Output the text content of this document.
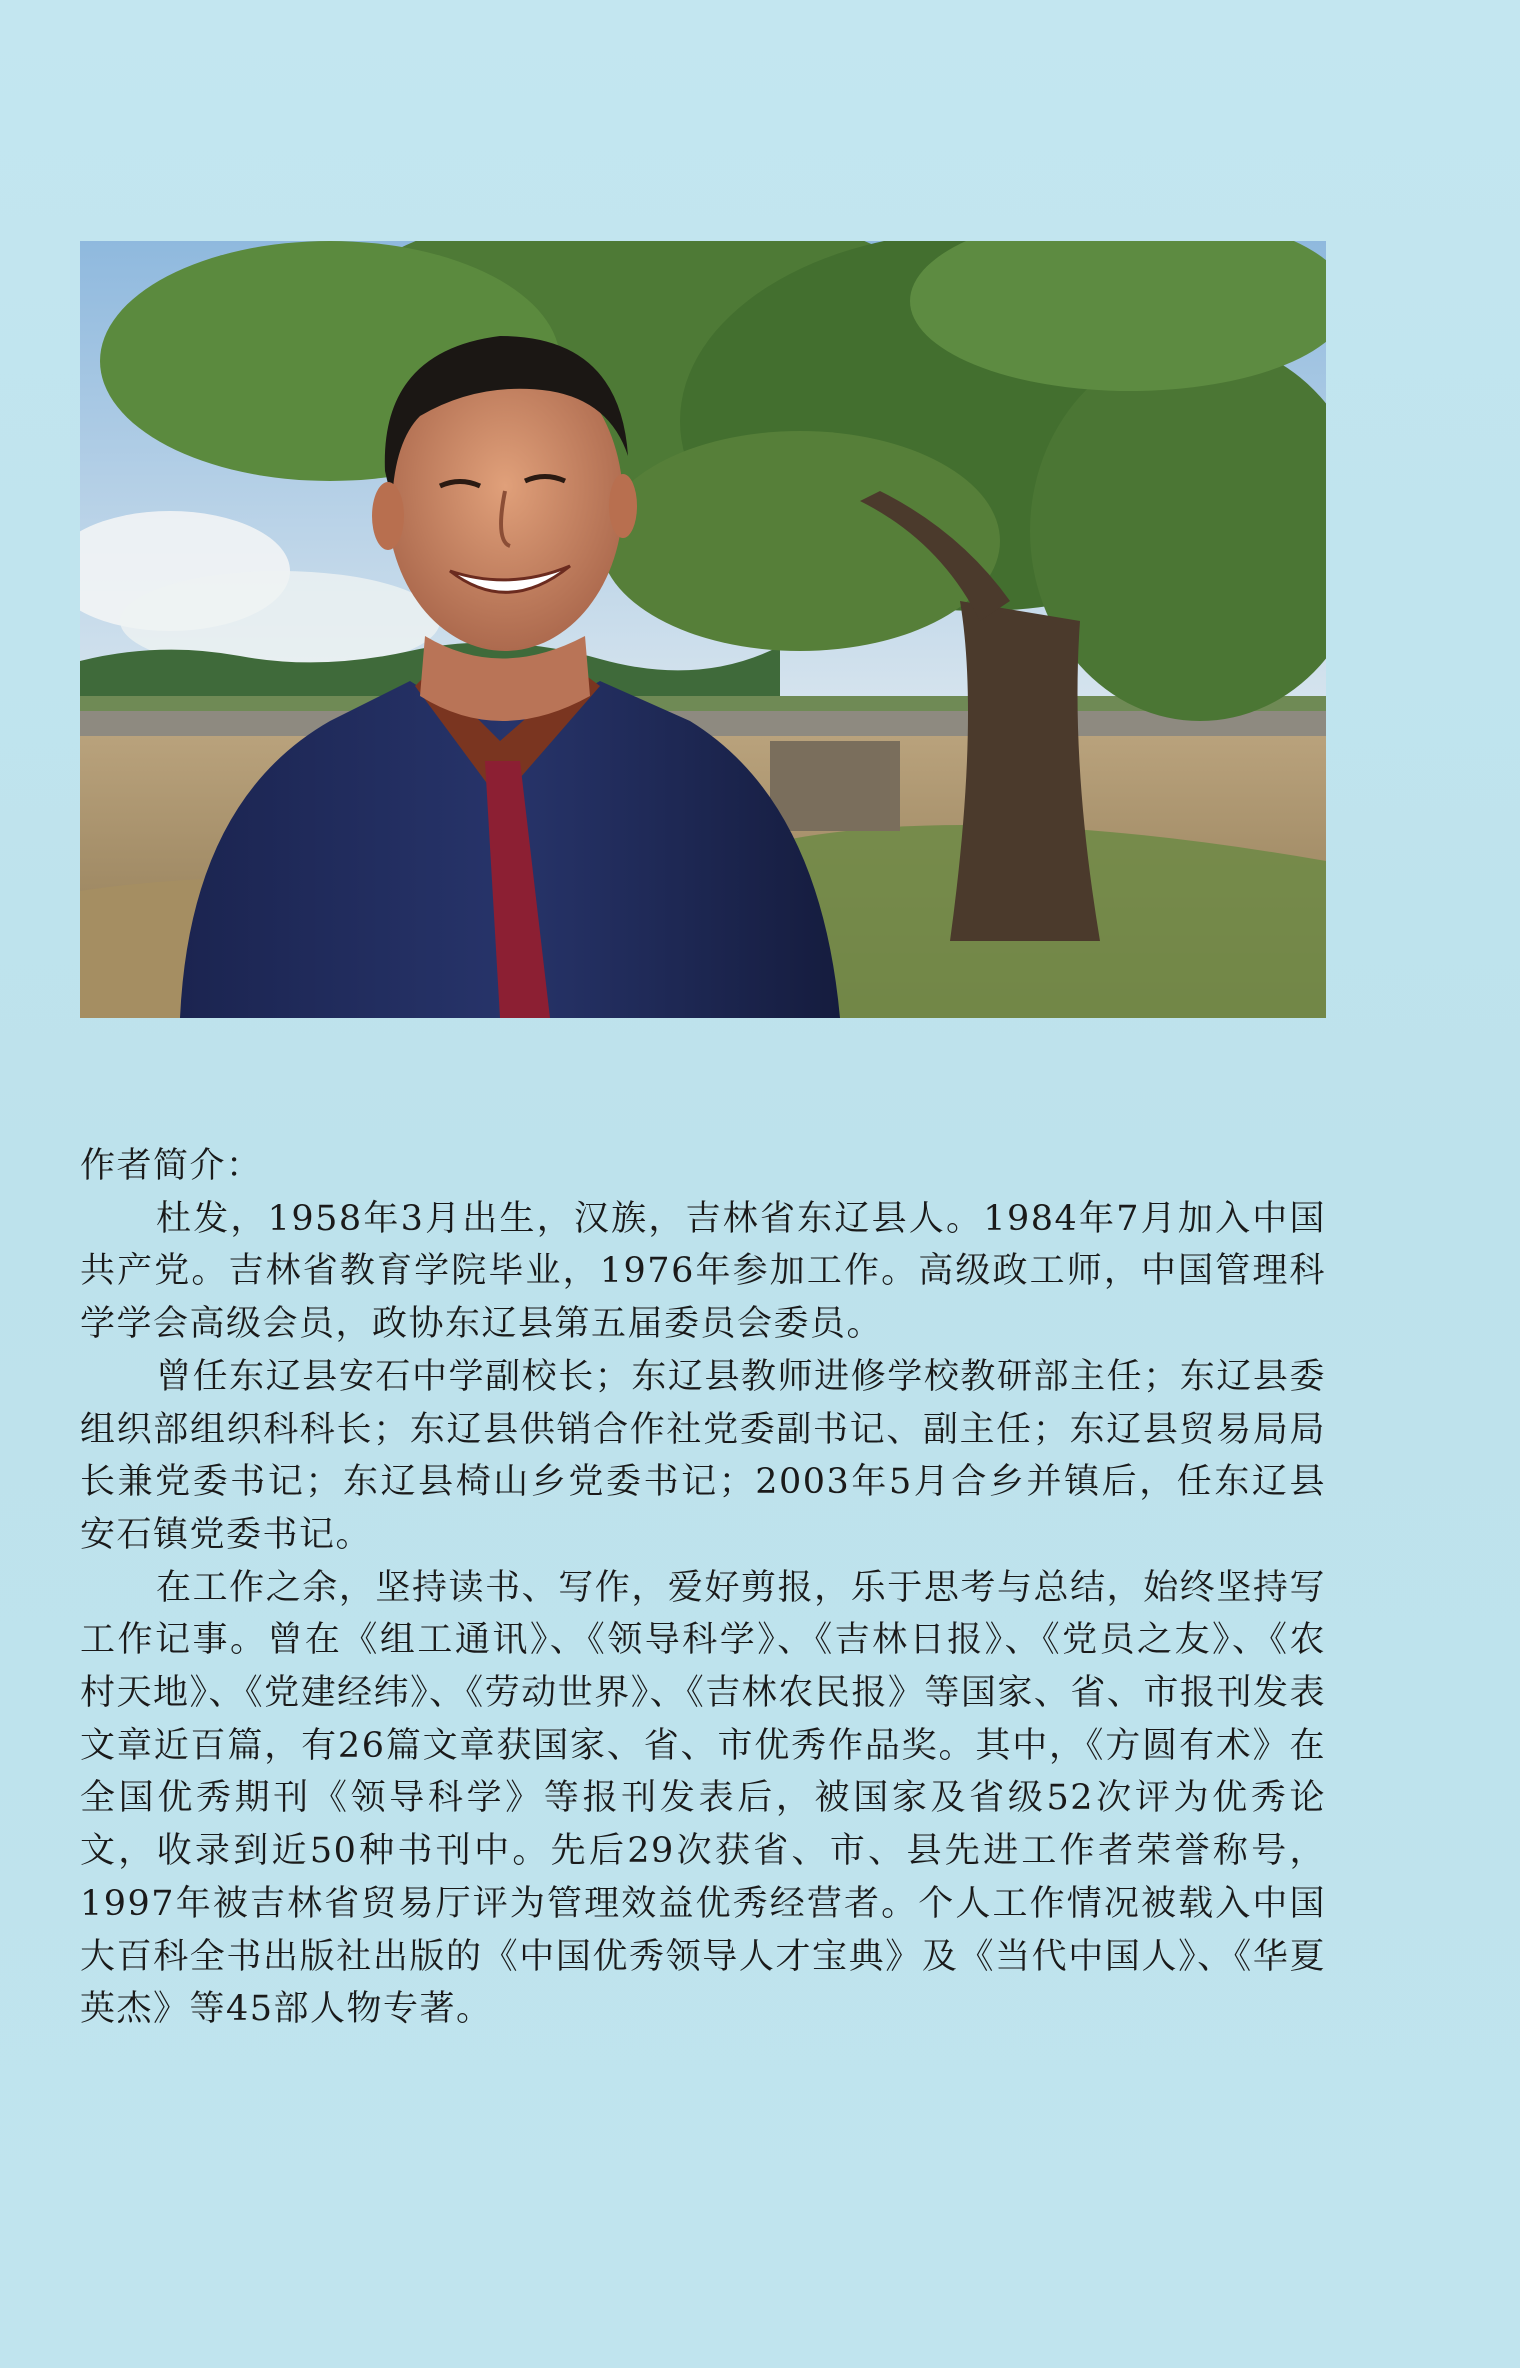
作者简介：

杜发，1958年3月出生，汉族，吉林省东辽县人。1984年7月加入中国共产党。吉林省教育学院毕业，1976年参加工作。高级政工师，中国管理科学学会高级会员，政协东辽县第五届委员会委员。

曾任东辽县安石中学副校长；东辽县教师进修学校教研部主任；东辽县委组织部组织科科长；东辽县供销合作社党委副书记、副主任；东辽县贸易局局长兼党委书记；东辽县椅山乡党委书记；2003年5月合乡并镇后，任东辽县安石镇党委书记。

在工作之余，坚持读书、写作，爱好剪报，乐于思考与总结，始终坚持写工作记事。曾在《组工通讯》、《领导科学》、《吉林日报》、《党员之友》、《农村天地》、《党建经纬》、《劳动世界》、《吉林农民报》等国家、省、市报刊发表文章近百篇，有26篇文章获国家、省、市优秀作品奖。其中，《方圆有术》在全国优秀期刊《领导科学》等报刊发表后，被国家及省级52次评为优秀论文，收录到近50种书刊中。先后29次获省、市、县先进工作者荣誉称号，1997年被吉林省贸易厅评为管理效益优秀经营者。个人工作情况被载入中国大百科全书出版社出版的《中国优秀领导人才宝典》及《当代中国人》、《华夏英杰》等45部人物专著。
